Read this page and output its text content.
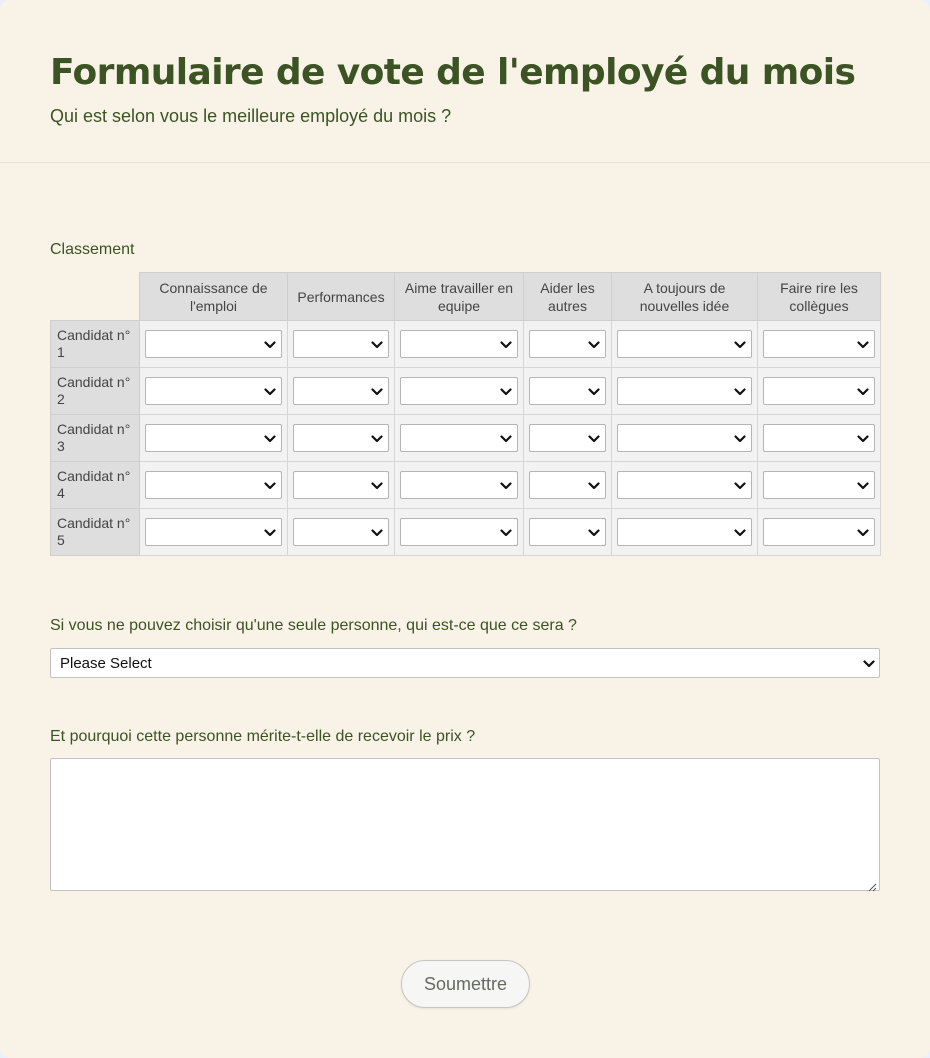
Formulaire de vote de l'employé du mois

Qui est selon vous le meilleure employé du mois ?

Classement
	Connaissance de l'emploi	Performances	Aime travailler en equipe	Aider les autres	A toujours de nouvelles idée	Faire rire les collègues
Candidat n° 1	

Candidat n° 2	

Candidat n° 3	

Candidat n° 4	

Candidat n° 5	

Si vous ne pouvez choisir qu'une seule personne, qui est-ce que ce sera ?
Please Select
Et pourquoi cette personne mérite-t-elle de recevoir le prix ?
Soumettre
